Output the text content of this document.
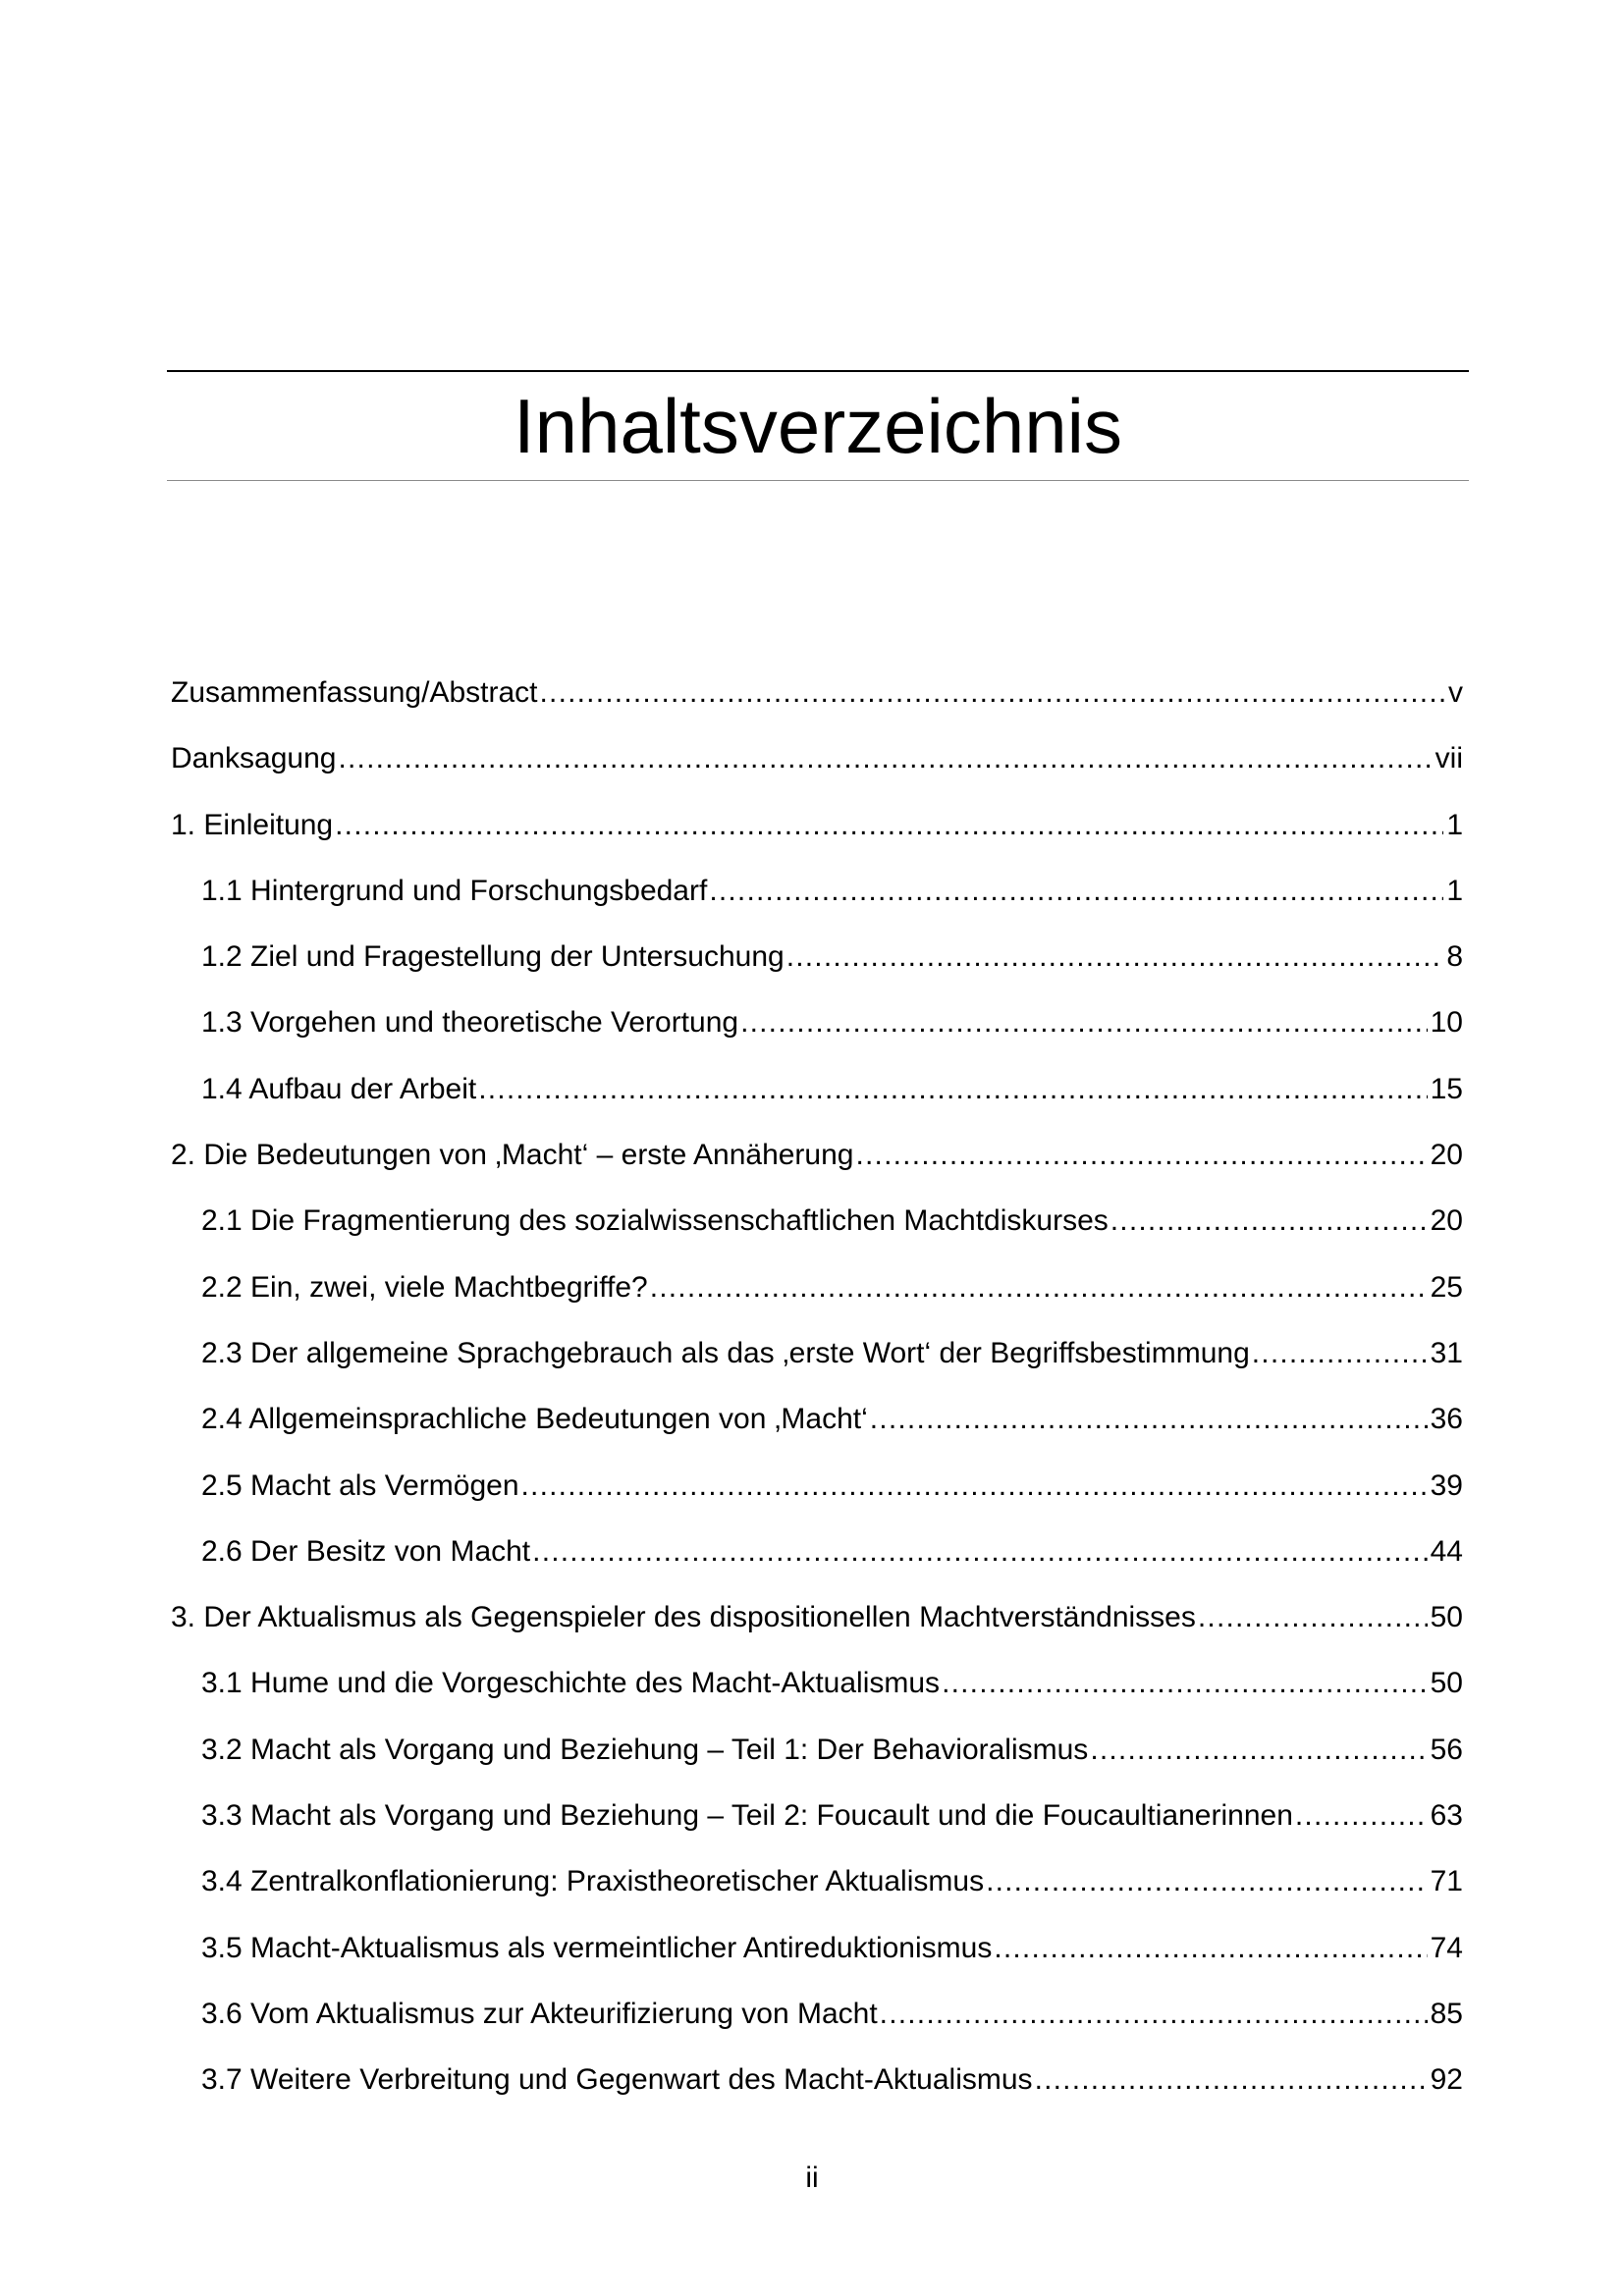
Inhaltsverzeichnis
Zusammenfassung/Abstract .....	v
Danksagung .....	vii
1. Einleitung .....	1
1.1 Hintergrund und Forschungsbedarf .....	1
1.2 Ziel und Fragestellung der Untersuchung .....	8
1.3 Vorgehen und theoretische Verortung .....	10
1.4 Aufbau der Arbeit .....	15
2. Die Bedeutungen von ‚Macht‘ – erste Annäherung .....	20
2.1 Die Fragmentierung des sozialwissenschaftlichen Machtdiskurses .....	20
2.2 Ein, zwei, viele Machtbegriffe? .....	25
2.3 Der allgemeine Sprachgebrauch als das ‚erste Wort‘ der Begriffsbestimmung .....	31
2.4 Allgemeinsprachliche Bedeutungen von ‚Macht‘ .....	36
2.5 Macht als Vermögen .....	39
2.6 Der Besitz von Macht .....	44
3. Der Aktualismus als Gegenspieler des dispositionellen Machtverständnisses .....	50
3.1 Hume und die Vorgeschichte des Macht-Aktualismus .....	50
3.2 Macht als Vorgang und Beziehung – Teil 1: Der Behavioralismus .....	56
3.3 Macht als Vorgang und Beziehung – Teil 2: Foucault und die Foucaultianerinnen .....	63
3.4 Zentralkonflationierung: Praxistheoretischer Aktualismus .....	71
3.5 Macht-Aktualismus als vermeintlicher Antireduktionismus .....	74
3.6 Vom Aktualismus zur Akteurifizierung von Macht .....	85
3.7 Weitere Verbreitung und Gegenwart des Macht-Aktualismus .....	92
ii
